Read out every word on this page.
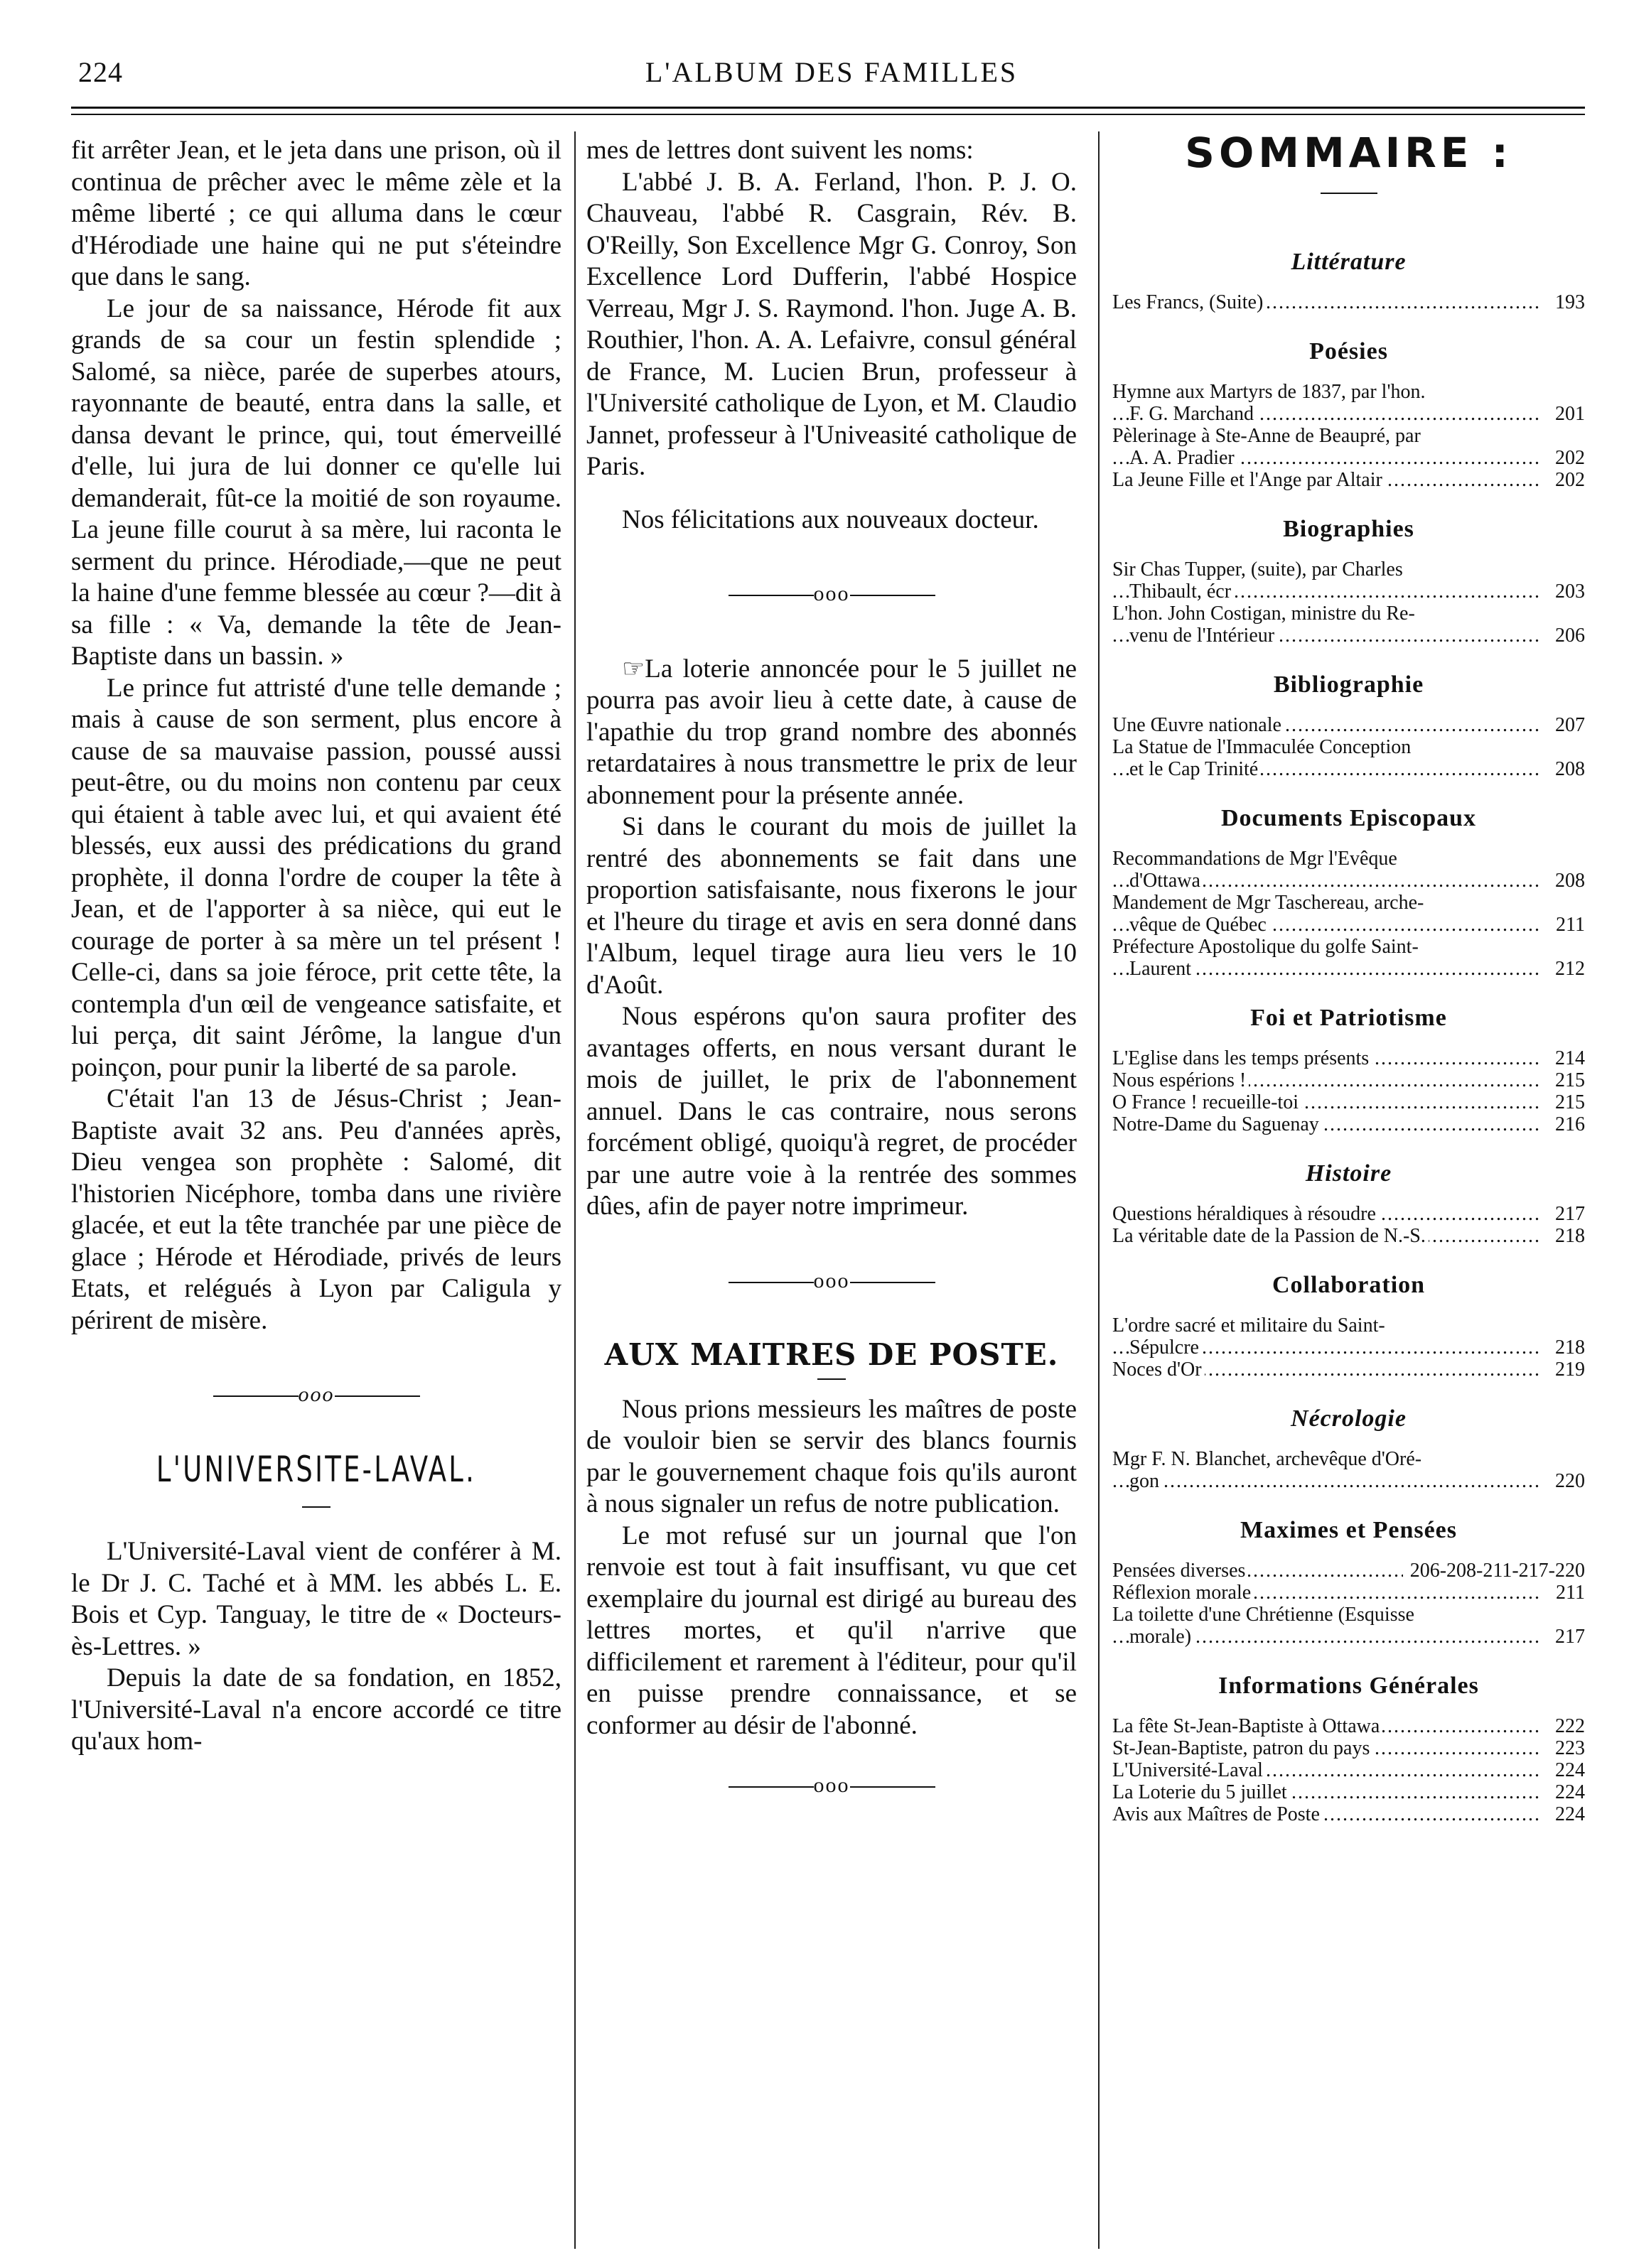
224	L'ALBUM DES FAMILLES

fit arrêter Jean, et le jeta dans une prison, où il continua de prêcher avec le même zèle et la même liberté ; ce qui alluma dans le cœur d'Hérodiade une haine qui ne put s'éteindre que dans le sang.

Le jour de sa naissance, Hérode fit aux grands de sa cour un festin splendide ; Salomé, sa nièce, parée de superbes atours, rayonnante de beauté, entra dans la salle, et dansa devant le prince, qui, tout émerveillé d'elle, lui jura de lui donner ce qu'elle lui demanderait, fût-ce la moitié de son royaume. La jeune fille courut à sa mère, lui raconta le serment du prince. Hérodiade,—que ne peut la haine d'une femme blessée au cœur ?—dit à sa fille : « Va, demande la tête de Jean-Baptiste dans un bassin. »

Le prince fut attristé d'une telle demande ; mais à cause de son serment, plus encore à cause de sa mauvaise passion, poussé aussi peut-être, ou du moins non contenu par ceux qui étaient à table avec lui, et qui avaient été blessés, eux aussi des prédications du grand prophète, il donna l'ordre de couper la tête à Jean, et de l'apporter à sa nièce, qui eut le courage de porter à sa mère un tel présent ! Celle-ci, dans sa joie féroce, prit cette tête, la contempla d'un œil de vengeance satisfaite, et lui perça, dit saint Jérôme, la langue d'un poinçon, pour punir la liberté de sa parole.

C'était l'an 13 de Jésus-Christ ; Jean-Baptiste avait 32 ans. Peu d'années après, Dieu vengea son prophète : Salomé, dit l'historien Nicéphore, tomba dans une rivière glacée, et eut la tête tranchée par une pièce de glace ; Hérode et Hérodiade, privés de leurs Etats, et relégués à Lyon par Caligula y périrent de misère.

ooo
L'UNIVERSITE-LAVAL.

L'Université-Laval vient de conférer à M. le Dr J. C. Taché et à MM. les abbés L. E. Bois et Cyp. Tanguay, le titre de « Docteurs-ès-Lettres. »

Depuis la date de sa fondation, en 1852, l'Université-Laval n'a encore accordé ce titre qu'aux hom-

mes de lettres dont suivent les noms:

L'abbé J. B. A. Ferland, l'hon. P. J. O. Chauveau, l'abbé R. Casgrain, Rév. B. O'Reilly, Son Excellence Mgr G. Conroy, Son Excellence Lord Dufferin, l'abbé Hospice Verreau, Mgr J. S. Raymond. l'hon. Juge A. B. Routhier, l'hon. A. A. Lefaivre, consul général de France, M. Lucien Brun, professeur à l'Université catholique de Lyon, et M. Claudio Jannet, professeur à l'Univeasité catholique de Paris.

Nos félicitations aux nouveaux docteur.

ooo

☞La loterie annoncée pour le 5 juillet ne pourra pas avoir lieu à cette date, à cause de l'apathie du trop grand nombre des abonnés retardataires à nous transmettre le prix de leur abonnement pour la présente année.

Si dans le courant du mois de juillet la rentré des abonnements se fait dans une proportion satisfaisante, nous fixerons le jour et l'heure du tirage et avis en sera donné dans l'Album, lequel tirage aura lieu vers le 10 d'Août.

Nous espérons qu'on saura profiter des avantages offerts, en nous versant durant le mois de juillet, le prix de l'abonnement annuel. Dans le cas contraire, nous serons forcément obligé, quoiqu'à regret, de procéder par une autre voie à la rentrée des sommes dûes, afin de payer notre imprimeur.

ooo
AUX MAITRES DE POSTE.

Nous prions messieurs les maîtres de poste de vouloir bien se servir des blancs fournis par le gouvernement chaque fois qu'ils auront à nous signaler un refus de notre publication.

Le mot refusé sur un journal que l'on renvoie est tout à fait insuffisant, vu que cet exemplaire du journal est dirigé au bureau des lettres mortes, et qu'il n'arrive que difficilement et rarement à l'éditeur, pour qu'il en puisse prendre connaissance, et se conformer au désir de l'abonné.

ooo
SOMMAIRE :
Littérature
Les Francs, (Suite) .....	193
Poésies
Hymne aux Martyrs de 1837, par l'hon.
F. G. Marchand .....	201
Pèlerinage à Ste-Anne de Beaupré, par
A. A. Pradier .....	202
La Jeune Fille et l'Ange par Altair .....	202
Biographies
Sir Chas Tupper, (suite), par Charles
Thibault, écr .....	203
L'hon. John Costigan, ministre du Re-
venu de l'Intérieur .....	206
Bibliographie
Une Œuvre nationale .....	207
La Statue de l'Immaculée Conception
et le Cap Trinité .....	208
Documents Episcopaux
Recommandations de Mgr l'Evêque
d'Ottawa .....	208
Mandement de Mgr Taschereau, arche-
vêque de Québec .....	211
Préfecture Apostolique du golfe Saint-
Laurent .....	212
Foi et Patriotisme
L'Eglise dans les temps présents .....	214
Nous espérions ! .....	215
O France ! recueille-toi .....	215
Notre-Dame du Saguenay .....	216
Histoire
Questions héraldiques à résoudre .....	217
La véritable date de la Passion de N.-S. .....	218
Collaboration
L'ordre sacré et militaire du Saint-
Sépulcre .....	218
Noces d'Or .....	219
Nécrologie
Mgr F. N. Blanchet, archevêque d'Oré-
gon .....	220
Maximes et Pensées
Pensées diverses .....	206-208-211-217-220
Réflexion morale .....	211
La toilette d'une Chrétienne (Esquisse
morale) .....	217
Informations Générales
La fête St-Jean-Baptiste à Ottawa .....	222
St-Jean-Baptiste, patron du pays .....	223
L'Université-Laval .....	224
La Loterie du 5 juillet .....	224
Avis aux Maîtres de Poste .....	224
